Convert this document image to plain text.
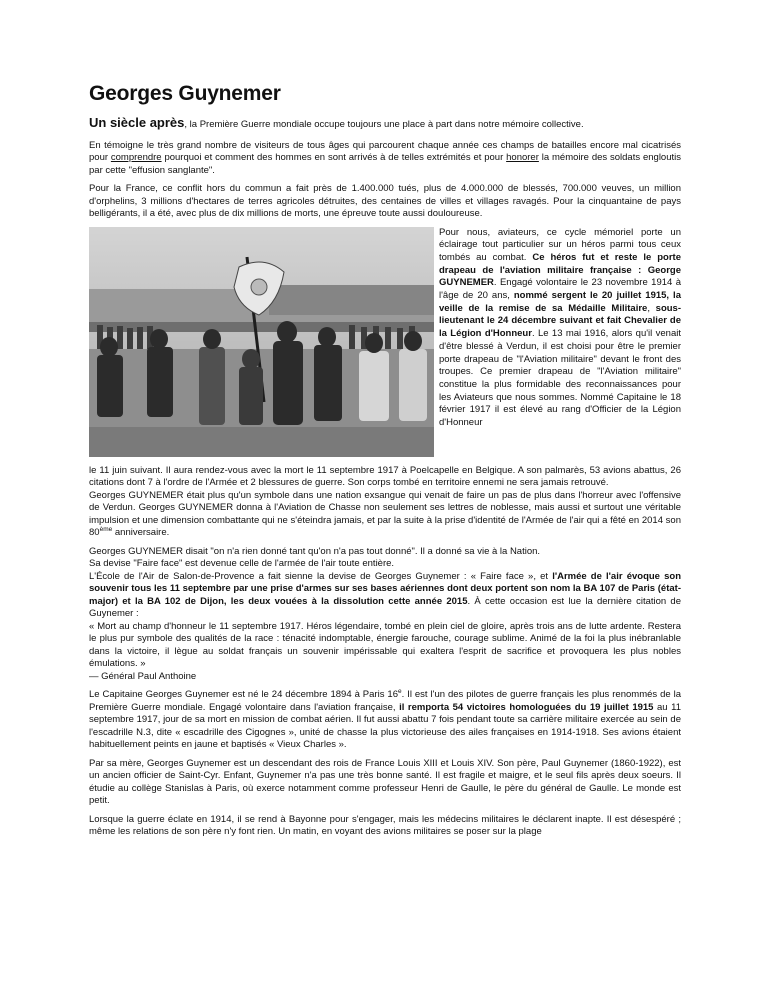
Georges Guynemer

Un siècle après, la Première Guerre mondiale occupe toujours une place à part dans notre mémoire collective.

En témoigne le très grand nombre de visiteurs de tous âges qui parcourent chaque année ces champs de batailles encore mal cicatrisés pour comprendre pourquoi et comment des hommes en sont arrivés à de telles extrémités et pour honorer la mémoire des soldats engloutis par cette "effusion sanglante".

Pour la France, ce conflit hors du commun a fait près de 1.400.000 tués, plus de 4.000.000 de blessés, 700.000 veuves, un million d'orphelins, 3 millions d'hectares de terres agricoles détruites, des centaines de villes et villages ravagés. Pour la cinquantaine de pays belligérants, il a été, avec plus de dix millions de morts, une épreuve toute aussi douloureuse.

Pour nous, aviateurs, ce cycle mémoriel porte un éclairage tout particulier sur un héros parmi tous ceux tombés au combat. Ce héros fut et reste le porte drapeau de l'aviation militaire française : George GUYNEMER. Engagé volontaire le 23 novembre 1914 à l'âge de 20 ans, nommé sergent le 20 juillet 1915, la veille de la remise de sa Médaille Militaire, sous-lieutenant le 24 décembre suivant et fait Chevalier de la Légion d'Honneur. Le 13 mai 1916, alors qu'il venait d'être blessé à Verdun, il est choisi pour être le premier porte drapeau de "l'Aviation militaire" devant le front des troupes. Ce premier drapeau de "l'Aviation militaire" constitue la plus formidable des reconnaissances pour les Aviateurs que nous sommes. Nommé Capitaine le 18 février 1917 il est élevé au rang d'Officier de la Légion d'Honneur

le 11 juin suivant. Il aura rendez-vous avec la mort le 11 septembre 1917 à Poelcapelle en Belgique. A son palmarès, 53 avions abattus, 26 citations dont 7 à l'ordre de l'Armée et 2 blessures de guerre. Son corps tombé en territoire ennemi ne sera jamais retrouvé.

Georges GUYNEMER était plus qu'un symbole dans une nation exsangue qui venait de faire un pas de plus dans l'horreur avec l'offensive de Verdun. Georges GUYNEMER donna à l'Aviation de Chasse non seulement ses lettres de noblesse, mais aussi et surtout une véritable impulsion et une dimension combattante qui ne s'éteindra jamais, et par la suite à la prise d'identité de l'Armée de l'air qui a fêté en 2014 son 80ème anniversaire.

Georges GUYNEMER disait "on n'a rien donné tant qu'on n'a pas tout donné". Il a donné sa vie à la Nation.

Sa devise "Faire face" est devenue celle de l'armée de l'air toute entière.

L'École de l'Air de Salon-de-Provence a fait sienne la devise de Georges Guynemer : « Faire face », et l'Armée de l'air évoque son souvenir tous les 11 septembre par une prise d'armes sur ses bases aériennes dont deux portent son nom la BA 107 de Paris (état-major) et la BA 102 de Dijon, les deux vouées à la dissolution cette année 2015. À cette occasion est lue la dernière citation de Guynemer :

« Mort au champ d'honneur le 11 septembre 1917. Héros légendaire, tombé en plein ciel de gloire, après trois ans de lutte ardente. Restera le plus pur symbole des qualités de la race : ténacité indomptable, énergie farouche, courage sublime. Animé de la foi la plus inébranlable dans la victoire, il lègue au soldat français un souvenir impérissable qui exaltera l'esprit de sacrifice et provoquera les plus nobles émulations. »

— Général Paul Anthoine

Le Capitaine Georges Guynemer est né le 24 décembre 1894 à Paris 16e. Il est l'un des pilotes de guerre français les plus renommés de la Première Guerre mondiale. Engagé volontaire dans l'aviation française, il remporta 54 victoires homologuées du 19 juillet 1915 au 11 septembre 1917, jour de sa mort en mission de combat aérien. Il fut aussi abattu 7 fois pendant toute sa carrière militaire exercée au sein de l'escadrille N.3, dite « escadrille des Cigognes », unité de chasse la plus victorieuse des ailes françaises en 1914-1918. Ses avions étaient habituellement peints en jaune et baptisés « Vieux Charles ».

Par sa mère, Georges Guynemer est un descendant des rois de France Louis XIII et Louis XIV. Son père, Paul Guynemer (1860-1922), est un ancien officier de Saint-Cyr. Enfant, Guynemer n'a pas une très bonne santé. Il est fragile et maigre, et le seul fils après deux soeurs. Il étudie au collège Stanislas à Paris, où exerce notamment comme professeur Henri de Gaulle, le père du général de Gaulle. Le monde est petit.

Lorsque la guerre éclate en 1914, il se rend à Bayonne pour s'engager, mais les médecins militaires le déclarent inapte. Il est désespéré ; même les relations de son père n'y font rien. Un matin, en voyant des avions militaires se poser sur la plage
